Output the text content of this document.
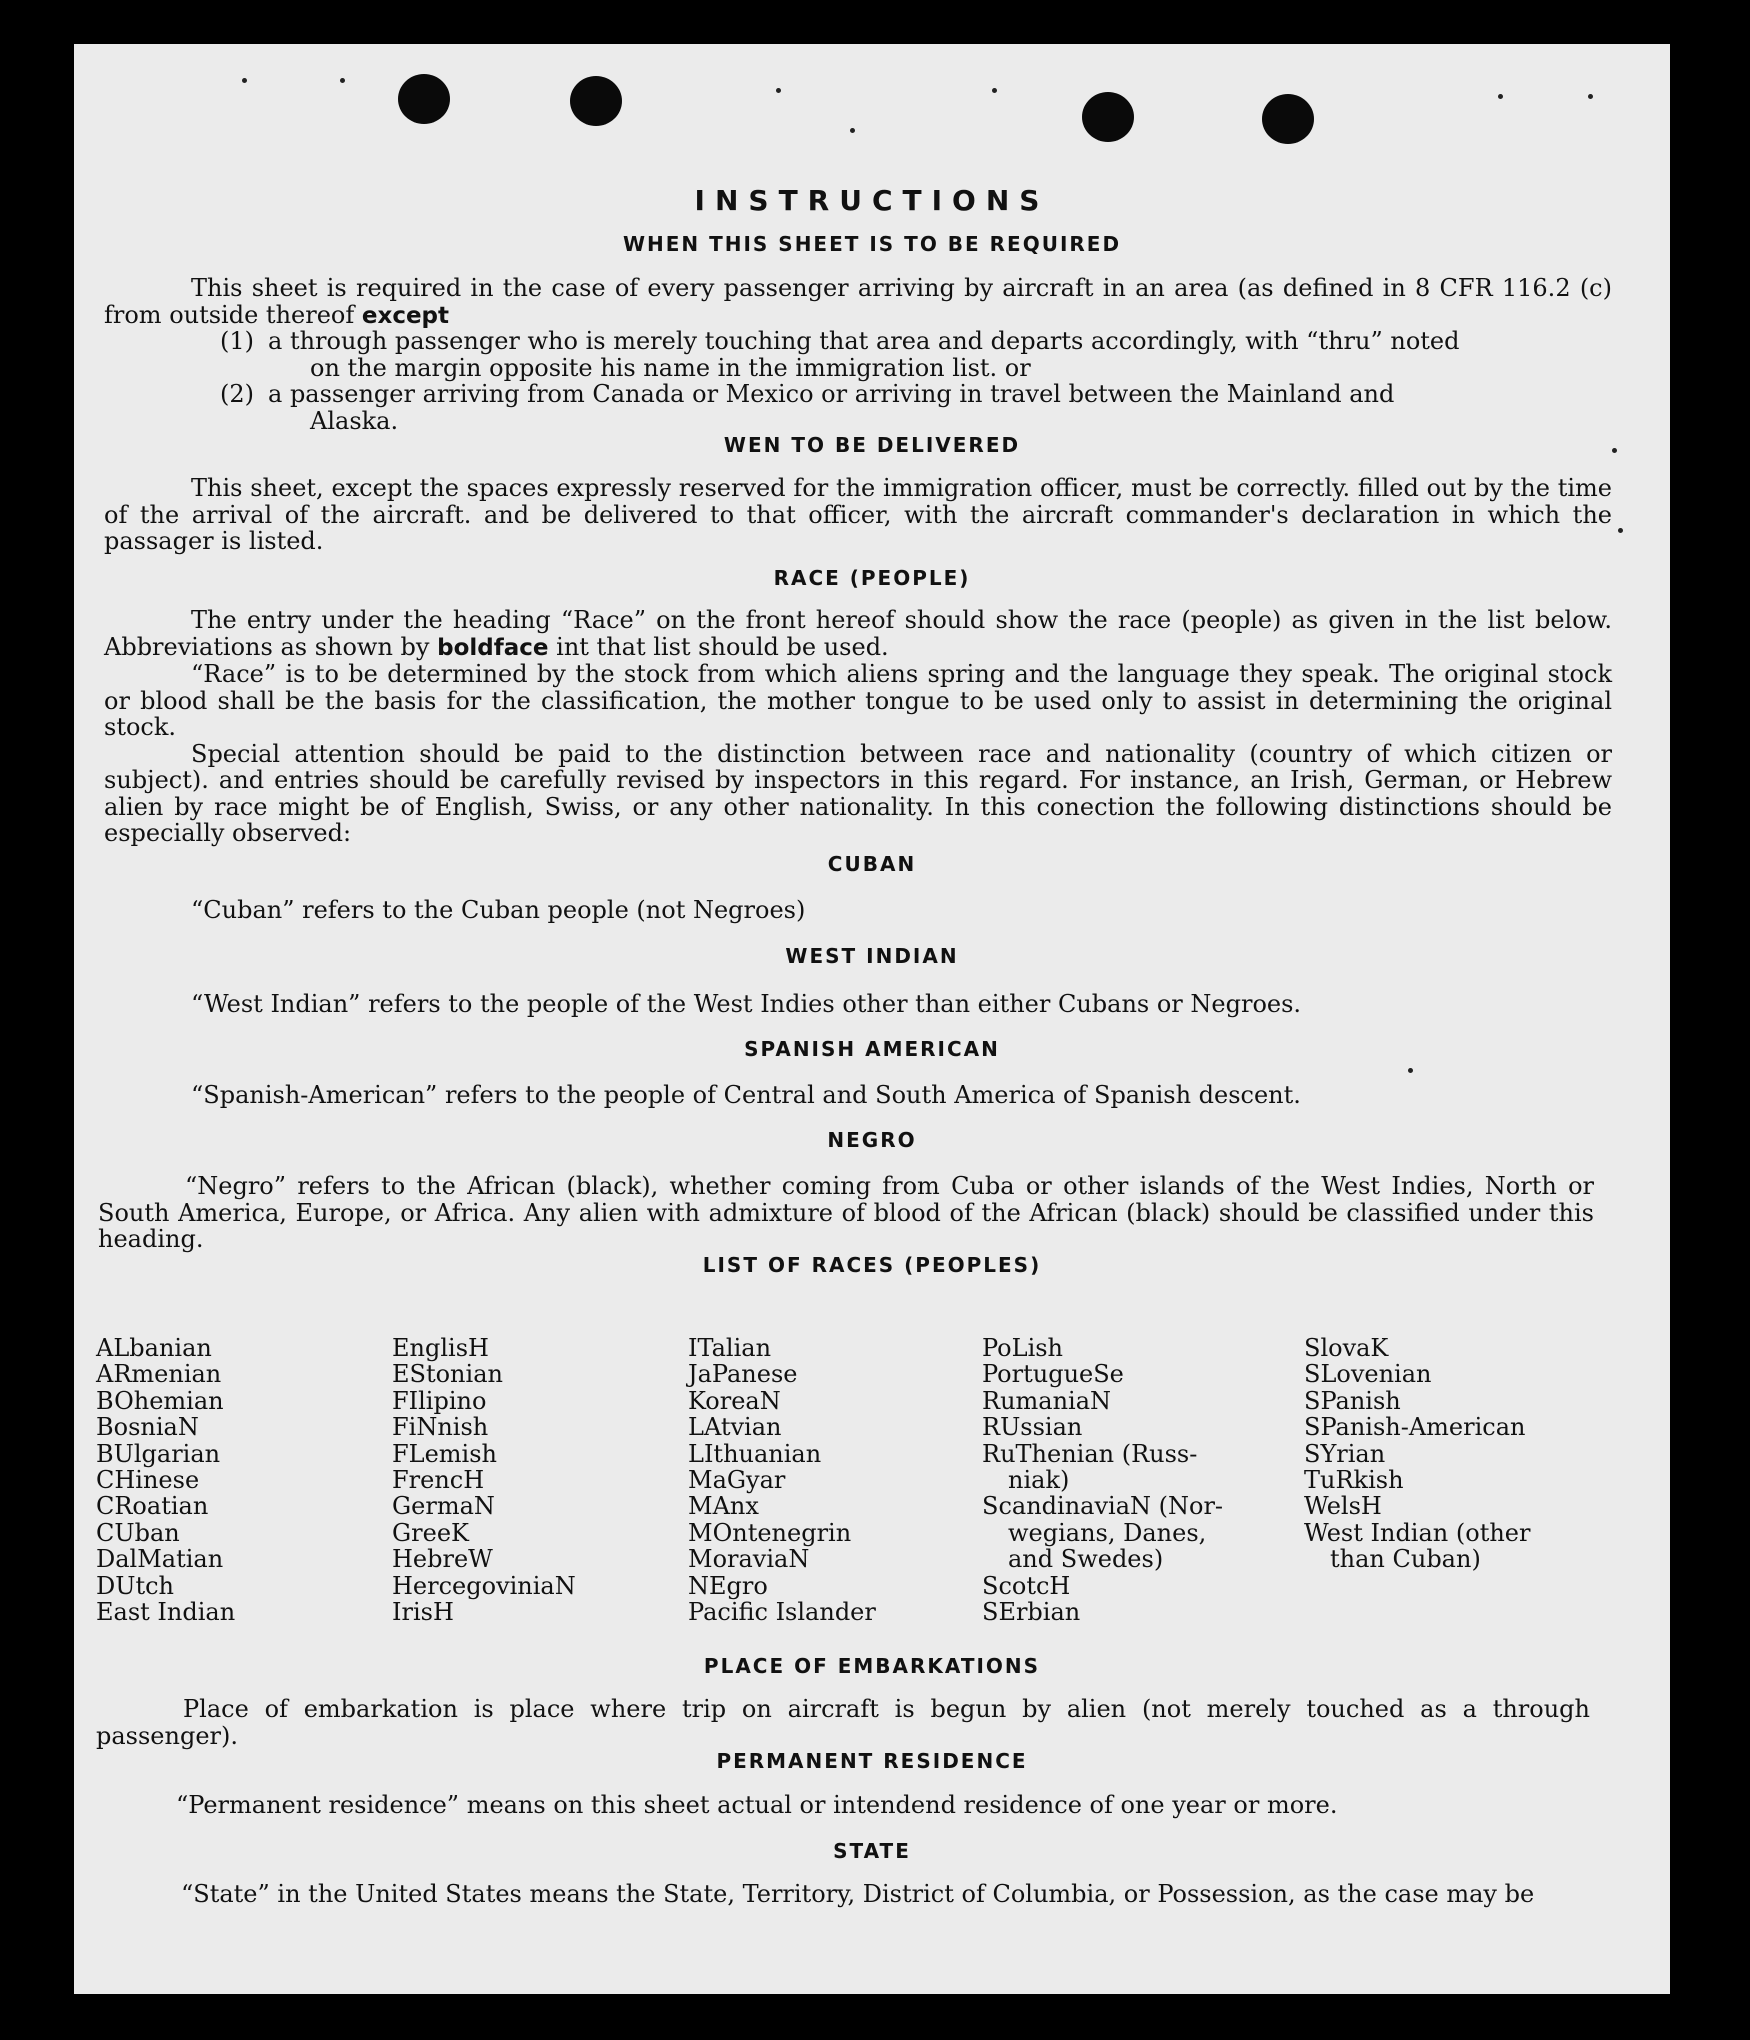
INSTRUCTIONS
WHEN THIS SHEET IS TO BE REQUIRED

This sheet is required in the case of every passenger arriving by aircraft in an area (as defined in 8 CFR 116.2 (c) from outside thereof except

(1) a through passenger who is merely touching that area and departs accordingly, with “thru” noted
on the margin opposite his name in the immigration list. or
(2) a passenger arriving from Canada or Mexico or arriving in travel between the Mainland and
Alaska.
WEN TO BE DELIVERED

This sheet, except the spaces expressly reserved for the immigration officer, must be correctly. filled out by the time of the arrival of the aircraft. and be delivered to that officer, with the aircraft commander's declaration in which the passager is listed.

RACE (PEOPLE)

The entry under the heading “Race” on the front hereof should show the race (people) as given in the list below. Abbreviations as shown by boldface int that list should be used.
“Race” is to be determined by the stock from which aliens spring and the language they speak. The original stock or blood shall be the basis for the classification, the mother tongue to be used only to assist in determining the original stock.
Special attention should be paid to the distinction between race and nationality (country of which citizen or subject). and entries should be carefully revised by inspectors in this regard. For instance, an Irish, German, or Hebrew alien by race might be of English, Swiss, or any other nationality. In this conection the following distinctions should be especially observed:

CUBAN
“Cuban” refers to the Cuban people (not Negroes)
WEST INDIAN
“West Indian” refers to the people of the West Indies other than either Cubans or Negroes.
SPANISH AMERICAN
“Spanish-American” refers to the people of Central and South America of Spanish descent.
NEGRO

“Negro” refers to the African (black), whether coming from Cuba or other islands of the West Indies, North or South America, Europe, or Africa. Any alien with admixture of blood of the African (black) should be classified under this heading.

LIST OF RACES (PEOPLES)
ALbanian
ARmenian
BOhemian
BosniaN
BUlgarian
CHinese
CRoatian
CUban
DalMatian
DUtch
East Indian
EnglisH
EStonian
FIlipino
FiNnish
FLemish
FrencH
GermaN
GreeK
HebreW
HercegoviniaN
IrisH
ITalian
JaPanese
KoreaN
LAtvian
LIthuanian
MaGyar
MAnx
MOntenegrin
MoraviaN
NEgro
Pacific Islander
PoLish
PortugueSe
RumaniaN
RUssian
RuThenian (Russ-
niak)
ScandinaviaN (Nor-
wegians, Danes,
and Swedes)
ScotcH
SErbian
SlovaK
SLovenian
SPanish
SPanish-American
SYrian
TuRkish
WelsH
West Indian (other
than Cuban)
PLACE OF EMBARKATIONS

Place of embarkation is place where trip on aircraft is begun by alien (not merely touched as a through passenger).

PERMANENT RESIDENCE
“Permanent residence” means on this sheet actual or intendend residence of one year or more.
STATE

“State” in the United States means the State, Territory, District of Columbia, or Possession, as the case may be
